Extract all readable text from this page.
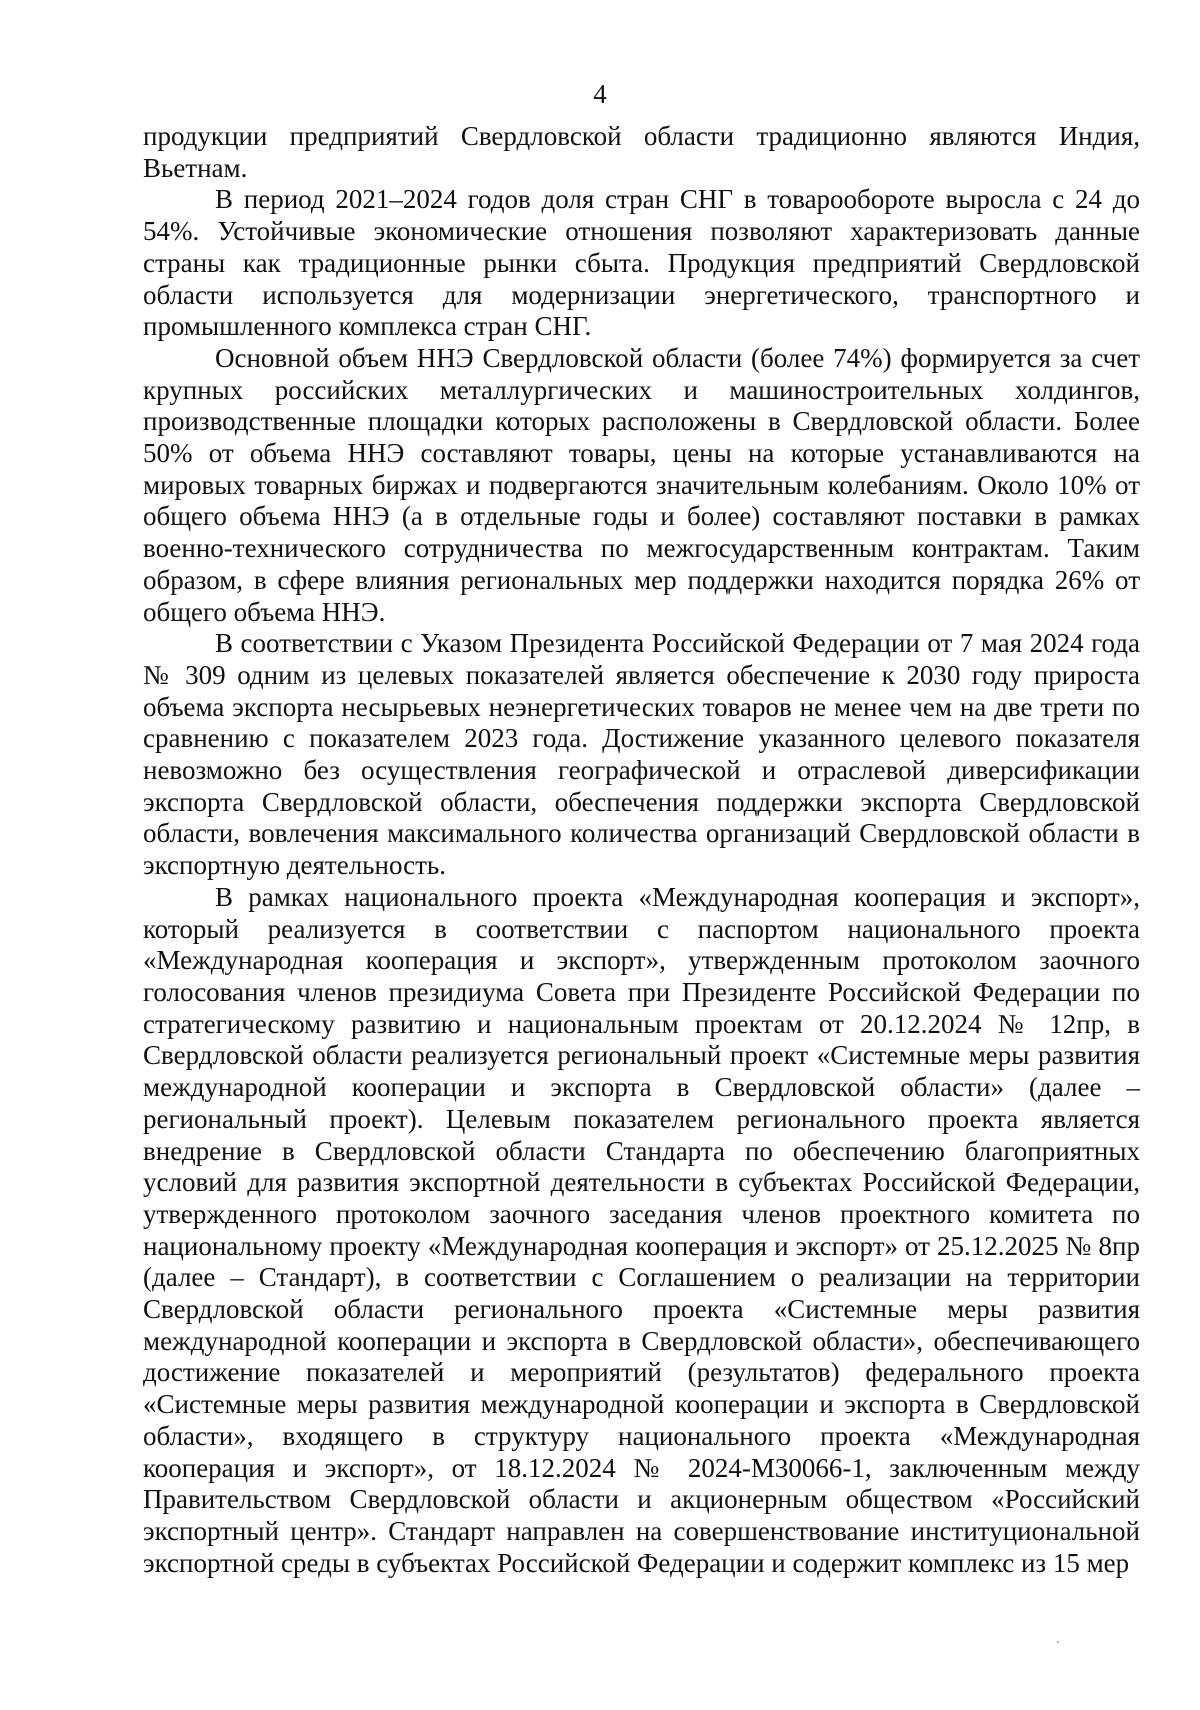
4

продукции предприятий Свердловской области традиционно являются Индия, Вьетнам.

В период 2021–2024 годов доля стран СНГ в товарообороте выросла с 24 до 54%. Устойчивые экономические отношения позволяют характеризовать данные страны как традиционные рынки сбыта. Продукция предприятий Свердловской области используется для модернизации энергетического, транспортного и промышленного комплекса стран СНГ.

Основной объем ННЭ Свердловской области (более 74%) формируется за счет крупных российских металлургических и машиностроительных холдингов, производственные площадки которых расположены в Свердловской области. Более 50% от объема ННЭ составляют товары, цены на которые устанавливаются на мировых товарных биржах и подвергаются значительным колебаниям. Около 10% от общего объема ННЭ (а в отдельные годы и более) составляют поставки в рамках военно-технического сотрудничества по межгосударственным контрактам. Таким образом, в сфере влияния региональных мер поддержки находится порядка 26% от общего объема ННЭ.

В соответствии с Указом Президента Российской Федерации от 7 мая 2024 года № 309 одним из целевых показателей является обеспечение к 2030 году прироста объема экспорта несырьевых неэнергетических товаров не менее чем на две трети по сравнению с показателем 2023 года. Достижение указанного целевого показателя невозможно без осуществления географической и отраслевой диверсификации экспорта Свердловской области, обеспечения поддержки экспорта Свердловской области, вовлечения максимального количества организаций Свердловской области в экспортную деятельность.

В рамках национального проекта «Международная кооперация и экспорт», который реализуется в соответствии с паспортом национального проекта «Международная кооперация и экспорт», утвержденным протоколом заочного голосования членов президиума Совета при Президенте Российской Федерации по стратегическому развитию и национальным проектам от 20.12.2024 № 12пр, в Свердловской области реализуется региональный проект «Системные меры развития международной кооперации и экспорта в Свердловской области» (далее – региональный проект). Целевым показателем регионального проекта является внедрение в Свердловской области Стандарта по обеспечению благоприятных условий для развития экспортной деятельности в субъектах Российской Федерации, утвержденного протоколом заочного заседания членов проектного комитета по национальному проекту «Международная кооперация и экспорт» от 25.12.2025 № 8пр (далее – Стандарт), в соответствии с Соглашением о реализации на территории Свердловской области регионального проекта «Системные меры развития международной кооперации и экспорта в Свердловской области», обеспечивающего достижение показателей и мероприятий (результатов) федерального проекта «Системные меры развития международной кооперации и экспорта в Свердловской области», входящего в структуру национального проекта «Международная кооперация и экспорт», от 18.12.2024 № 2024-М30066-1, заключенным между Правительством Свердловской области и акционерным обществом «Российский экспортный центр». Стандарт направлен на совершенствование институциональной экспортной среды в субъектах Российской Федерации и содержит комплекс из 15 мер
